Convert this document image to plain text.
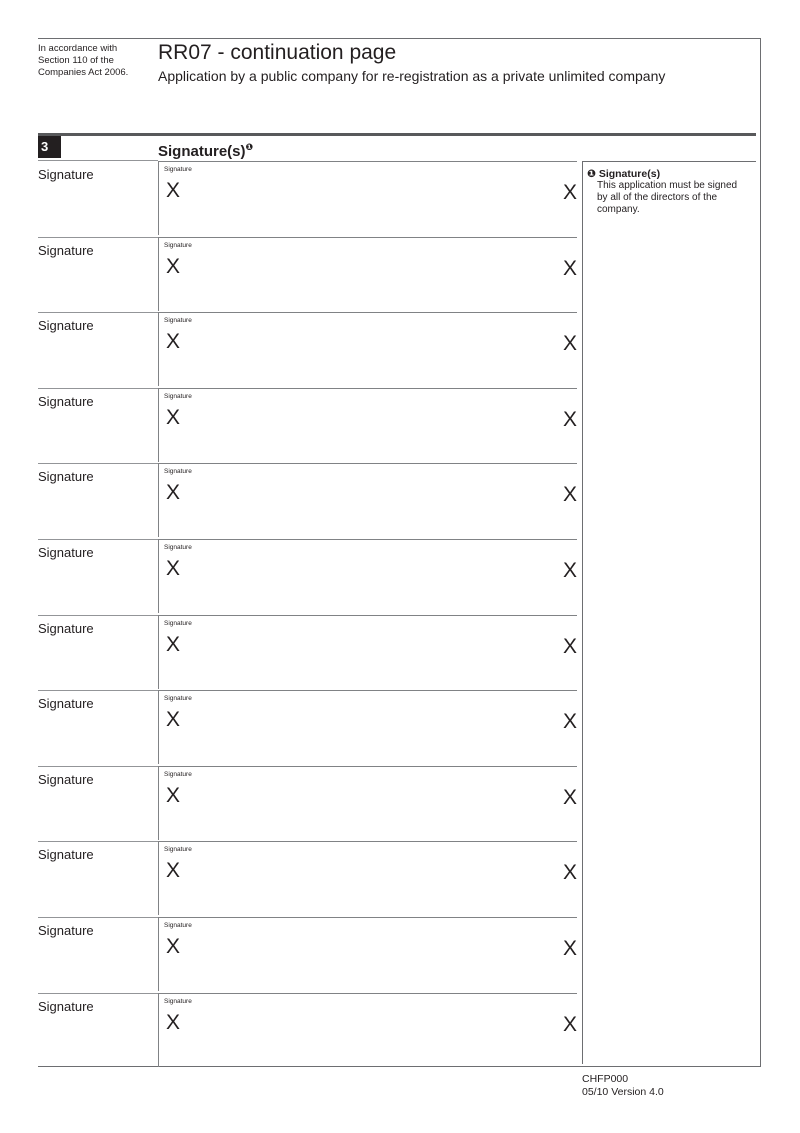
In accordance with Section 110 of the Companies Act 2006.
RR07 - continuation page
Application by a public company for re-registration as a private unlimited company
3	$Signature(s)^❶$
❶ Signature(s)
This application must be signed by all of the directors of the company.
Signature	Signature
X	X
Signature	Signature
X	X
Signature	Signature
X	X
Signature	Signature
X	X
Signature	Signature
X	X
Signature	Signature
X	X
Signature	Signature
X	X
Signature	Signature
X	X
Signature	Signature
X	X
Signature	Signature
X	X
Signature	Signature
X	X
Signature	Signature
X	X
CHFP000
05/10 Version 4.0
